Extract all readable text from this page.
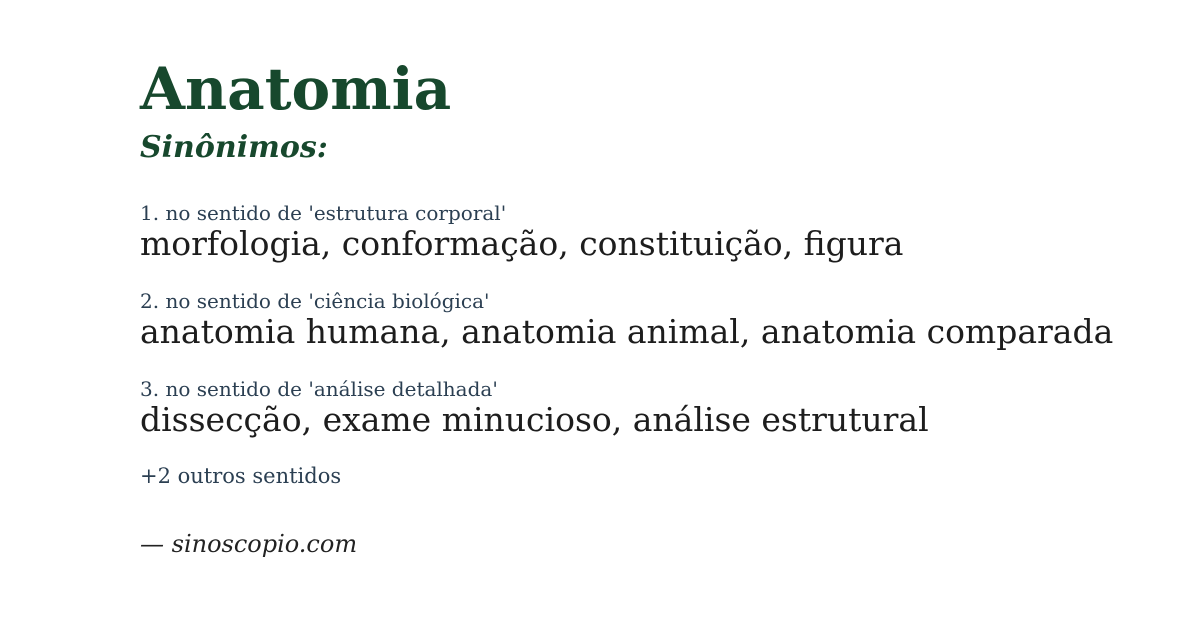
Anatomia
Sinônimos:
1. no sentido de 'estrutura corporal'
morfologia, conformação, constituição, figura
2. no sentido de 'ciência biológica'
anatomia humana, anatomia animal, anatomia comparada
3. no sentido de 'análise detalhada'
dissecção, exame minucioso, análise estrutural
+2 outros sentidos
— sinoscopio.com
